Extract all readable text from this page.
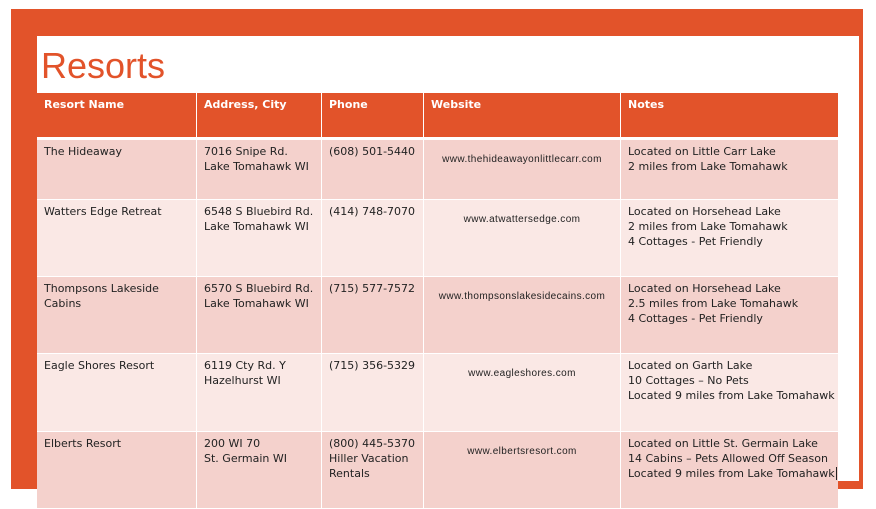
Resorts
Resort Name	Address, City	Phone	Website	Notes
The Hideaway	7016 Snipe Rd.
Lake Tomahawk WI	(608) 501-5440	www.thehideawayonlittlecarr.com	Located on Little Carr Lake
2 miles from Lake Tomahawk

Watters Edge Retreat	6548 S Bluebird Rd.
Lake Tomahawk WI	(414) 748-7070	www.atwattersedge.com	Located on Horsehead Lake
2 miles from Lake Tomahawk
4 Cottages - Pet Friendly

Thompsons Lakeside Cabins	6570 S Bluebird Rd.
Lake Tomahawk WI	(715) 577-7572	www.thompsonslakesidecains.com	Located on Horsehead Lake
2.5 miles from Lake Tomahawk
4 Cottages - Pet Friendly

Eagle Shores Resort	6119 Cty Rd. Y
Hazelhurst WI	(715) 356-5329	www.eagleshores.com	Located on Garth Lake
10 Cottages – No Pets
Located 9 miles from Lake Tomahawk

Elberts Resort	200 WI 70
St. Germain WI	(800) 445-5370
Hiller Vacation
Rentals	www.elbertsresort.com	Located on Little St. Germain Lake
14 Cabins – Pets Allowed Off Season
Located 9 miles from Lake Tomahawk
